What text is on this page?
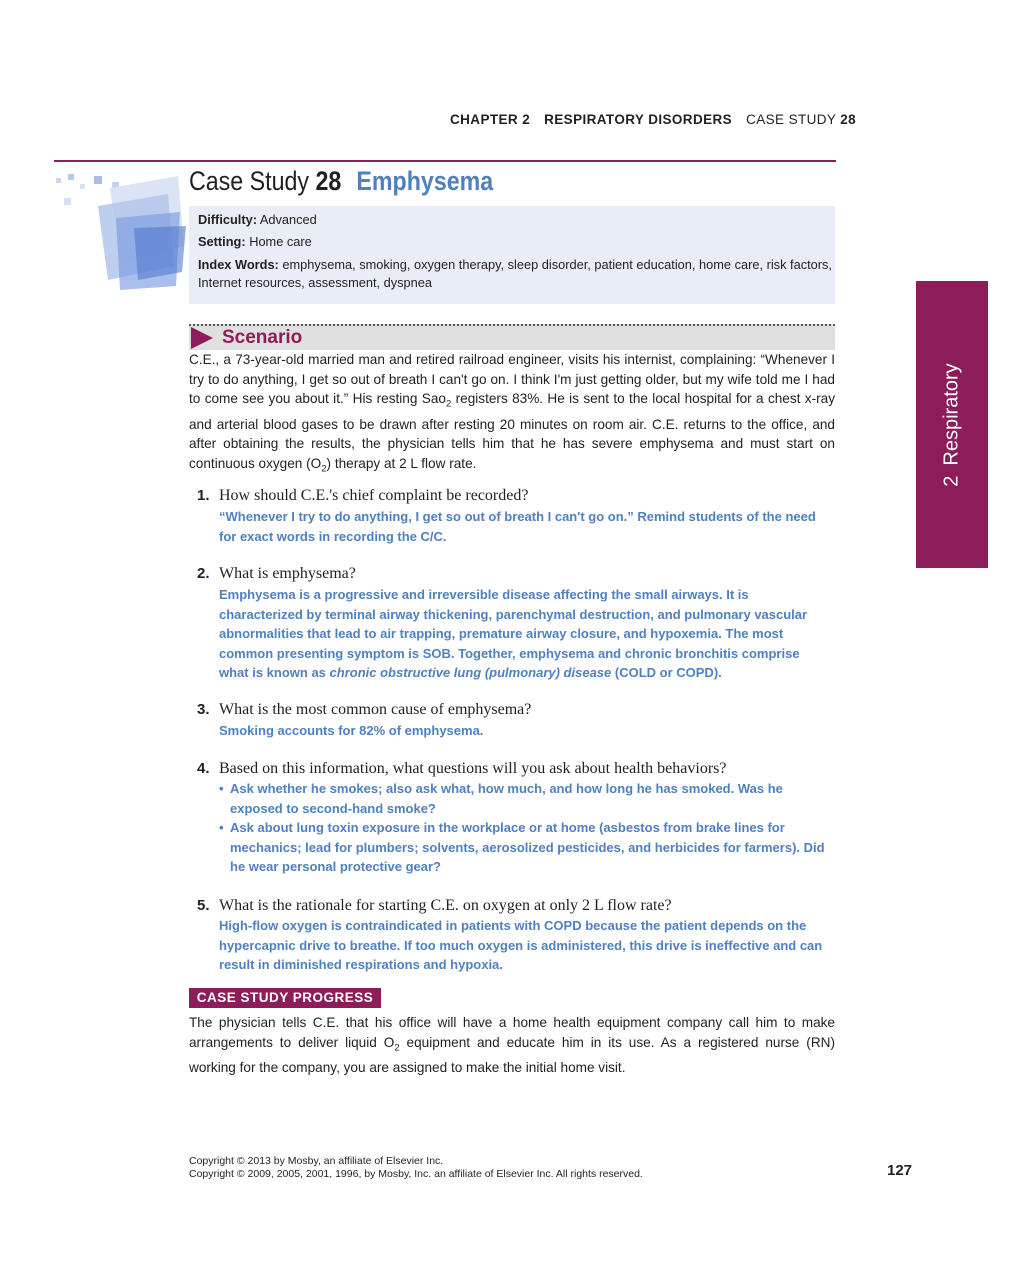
CHAPTER 2 RESPIRATORY DISORDERS CASE STUDY 28
Case Study 28 Emphysema
Difficulty: Advanced
Setting: Home care
Index Words: emphysema, smoking, oxygen therapy, sleep disorder, patient education, home care, risk factors,
Internet resources, assessment, dyspnea
Scenario
C.E., a 73-year-old married man and retired railroad engineer, visits his internist, complaining: “Whenever I try to do anything, I get so out of breath I can't go on. I think I'm just getting older, but my wife told me I had to come see you about it.” His resting Sao$_2$ registers 83%. He is sent to the local hospital for a chest x-ray and arterial blood gases to be drawn after resting 20 minutes on room air. C.E. returns to the office, and after obtaining the results, the physician tells him that he has severe emphysema and must start on continuous oxygen $(O_2)$ therapy at 2 L flow rate.
1. How should C.E.'s chief complaint be recorded?
“Whenever I try to do anything, I get so out of breath I can't go on.” Remind students of the need for exact words in recording the C/C.
2. What is emphysema?
Emphysema is a progressive and irreversible disease affecting the small airways. It is characterized by terminal airway thickening, parenchymal destruction, and pulmonary vascular abnormalities that lead to air trapping, premature airway closure, and hypoxemia. The most common presenting symptom is SOB. Together, emphysema and chronic bronchitis comprise what is known as chronic obstructive lung (pulmonary) disease (COLD or COPD).
3. What is the most common cause of emphysema?
Smoking accounts for 82% of emphysema.
4. Based on this information, what questions will you ask about health behaviors?
• Ask whether he smokes; also ask what, how much, and how long he has smoked. Was he exposed to second-hand smoke?
• Ask about lung toxin exposure in the workplace or at home (asbestos from brake lines for mechanics; lead for plumbers; solvents, aerosolized pesticides, and herbicides for farmers). Did he wear personal protective gear?
5. What is the rationale for starting C.E. on oxygen at only 2 L flow rate?
High-flow oxygen is contraindicated in patients with COPD because the patient depends on the hypercapnic drive to breathe. If too much oxygen is administered, this drive is ineffective and can result in diminished respirations and hypoxia.
CASE STUDY PROGRESS
The physician tells C.E. that his office will have a home health equipment company call him to make arrangements to deliver liquid $O_2$ equipment and educate him in its use. As a registered nurse (RN) working for the company, you are assigned to make the initial home visit.
2Respiratory
Copyright © 2013 by Mosby, an affiliate of Elsevier Inc.
Copyright © 2009, 2005, 2001, 1996, by Mosby, Inc. an affiliate of Elsevier Inc. All rights reserved.	127
